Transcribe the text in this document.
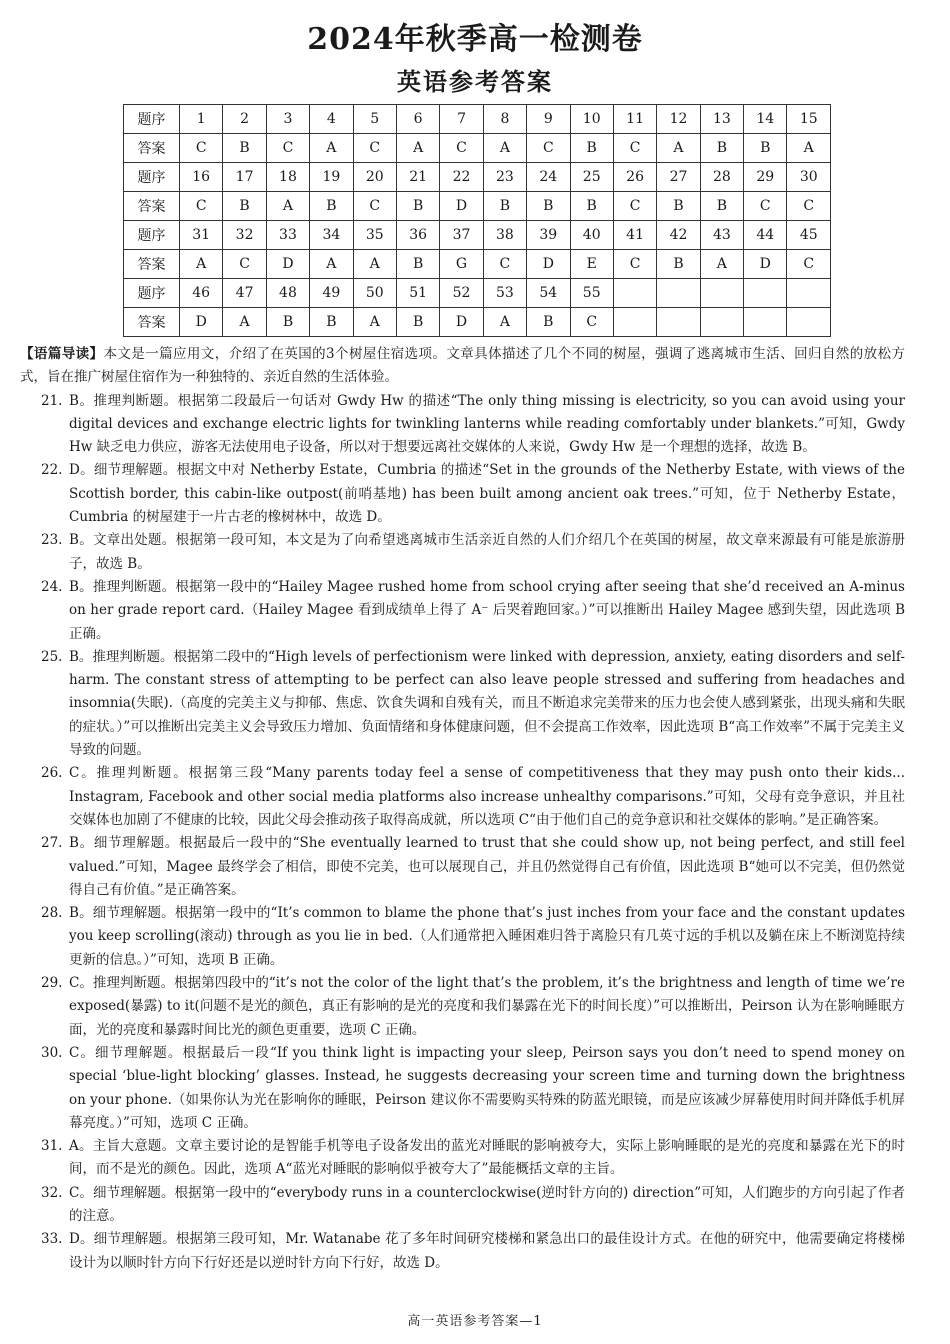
2024年秋季高一检测卷
英语参考答案
题序	1	2	3	4	5	6	7	8	9	10	11	12	13	14	15
答案	C	B	C	A	C	A	C	A	C	B	C	A	B	B	A
题序	16	17	18	19	20	21	22	23	24	25	26	27	28	29	30
答案	C	B	A	B	C	B	D	B	B	B	C	B	B	C	C
题序	31	32	33	34	35	36	37	38	39	40	41	42	43	44	45
答案	A	C	D	A	A	B	G	C	D	E	C	B	A	D	C
题序	46	47	48	49	50	51	52	53	54	55					
答案	D	A	B	B	A	B	D	A	B	C					

【语篇导读】本文是一篇应用文，介绍了在英国的3个树屋住宿选项。文章具体描述了几个不同的树屋，强调了逃离城市生活、回归自然的放松方式，旨在推广树屋住宿作为一种独特的、亲近自然的生活体验。

21. B。推理判断题。根据第二段最后一句话对 Gwdy Hw 的描述“The only thing missing is electricity, so you can avoid using your digital devices and exchange electric lights for twinkling lanterns while reading comfortably under blankets.”可知，Gwdy Hw 缺乏电力供应，游客无法使用电子设备，所以对于想要远离社交媒体的人来说，Gwdy Hw 是一个理想的选择，故选 B。

22. D。细节理解题。根据文中对 Netherby Estate，Cumbria 的描述“Set in the grounds of the Netherby Estate, with views of the Scottish border, this cabin-like outpost(前哨基地) has been built among ancient oak trees.”可知，位于 Netherby Estate，Cumbria 的树屋建于一片古老的橡树林中，故选 D。

23. B。文章出处题。根据第一段可知，本文是为了向希望逃离城市生活亲近自然的人们介绍几个在英国的树屋，故文章来源最有可能是旅游册子，故选 B。

24. B。推理判断题。根据第一段中的“Hailey Magee rushed home from school crying after seeing that she’d received an A-minus on her grade report card.（Hailey Magee 看到成绩单上得了 A⁻ 后哭着跑回家。）”可以推断出 Hailey Magee 感到失望，因此选项 B 正确。

25. B。推理判断题。根据第二段中的“High levels of perfectionism were linked with depression, anxiety, eating disorders and self-harm. The constant stress of attempting to be perfect can also leave people stressed and suffering from headaches and insomnia(失眠).（高度的完美主义与抑郁、焦虑、饮食失调和自残有关，而且不断追求完美带来的压力也会使人感到紧张，出现头痛和失眠的症状。）”可以推断出完美主义会导致压力增加、负面情绪和身体健康问题，但不会提高工作效率，因此选项 B“高工作效率”不属于完美主义导致的问题。

26. C。推理判断题。根据第三段“Many parents today feel a sense of competitiveness that they may push onto their kids... Instagram, Facebook and other social media platforms also increase unhealthy comparisons.”可知，父母有竞争意识，并且社交媒体也加剧了不健康的比较，因此父母会推动孩子取得高成就，所以选项 C“由于他们自己的竞争意识和社交媒体的影响。”是正确答案。

27. B。细节理解题。根据最后一段中的“She eventually learned to trust that she could show up, not being perfect, and still feel valued.”可知，Magee 最终学会了相信，即使不完美，也可以展现自己，并且仍然觉得自己有价值，因此选项 B“她可以不完美，但仍然觉得自己有价值。”是正确答案。

28. B。细节理解题。根据第一段中的“It’s common to blame the phone that’s just inches from your face and the constant updates you keep scrolling(滚动) through as you lie in bed.（人们通常把入睡困难归咎于离脸只有几英寸远的手机以及躺在床上不断浏览持续更新的信息。）”可知，选项 B 正确。

29. C。推理判断题。根据第四段中的“it’s not the color of the light that’s the problem, it’s the brightness and length of time we’re exposed(暴露) to it(问题不是光的颜色，真正有影响的是光的亮度和我们暴露在光下的时间长度）”可以推断出，Peirson 认为在影响睡眠方面，光的亮度和暴露时间比光的颜色更重要，选项 C 正确。

30. C。细节理解题。根据最后一段“If you think light is impacting your sleep, Peirson says you don’t need to spend money on special ‘blue-light blocking’ glasses. Instead, he suggests decreasing your screen time and turning down the brightness on your phone.（如果你认为光在影响你的睡眠，Peirson 建议你不需要购买特殊的防蓝光眼镜，而是应该减少屏幕使用时间并降低手机屏幕亮度。）”可知，选项 C 正确。

31. A。主旨大意题。文章主要讨论的是智能手机等电子设备发出的蓝光对睡眠的影响被夸大，实际上影响睡眠的是光的亮度和暴露在光下的时间，而不是光的颜色。因此，选项 A“蓝光对睡眠的影响似乎被夸大了”最能概括文章的主旨。

32. C。细节理解题。根据第一段中的“everybody runs in a counterclockwise(逆时针方向的) direction”可知，人们跑步的方向引起了作者的注意。

33. D。细节理解题。根据第三段可知，Mr. Watanabe 花了多年时间研究楼梯和紧急出口的最佳设计方式。在他的研究中，他需要确定将楼梯设计为以顺时针方向下行好还是以逆时针方向下行好，故选 D。

高一英语参考答案—1
